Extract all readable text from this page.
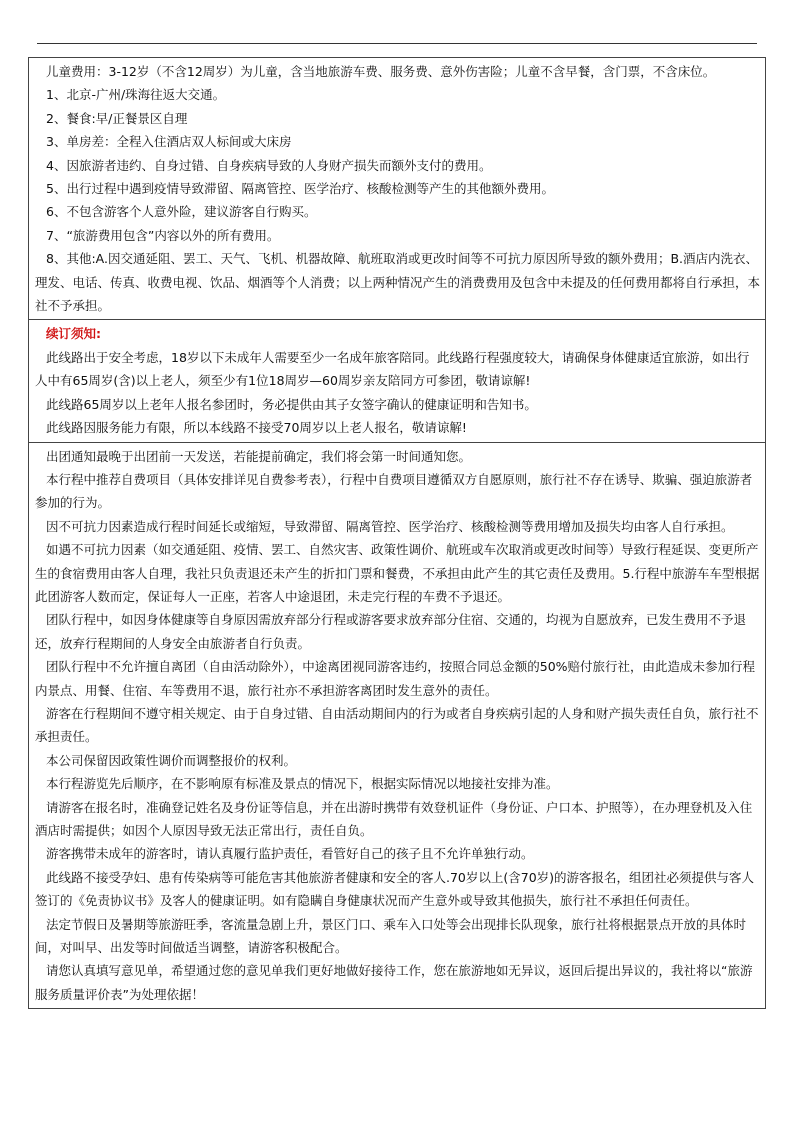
儿童费用：3-12岁（不含12周岁）为儿童，含当地旅游车费、服务费、意外伤害险；儿童不含早餐，含门票，不含床位。

1、北京-广州/珠海往返大交通。

2、餐食:早/正餐景区自理

3、单房差：全程入住酒店双人标间或大床房

4、因旅游者违约、自身过错、自身疾病导致的人身财产损失而额外支付的费用。

5、出行过程中遇到疫情导致滞留、隔离管控、医学治疗、核酸检测等产生的其他额外费用。

6、不包含游客个人意外险，建议游客自行购买。

7、“旅游费用包含”内容以外的所有费用。

8、其他:A.因交通延阻、罢工、天气、飞机、机器故障、航班取消或更改时间等不可抗力原因所导致的额外费用；B.酒店内洗衣、理发、电话、传真、收费电视、饮品、烟酒等个人消费；以上两种情况产生的消费费用及包含中未提及的任何费用都将自行承担，本社不予承担。

续订须知:

此线路出于安全考虑，18岁以下未成年人需要至少一名成年旅客陪同。此线路行程强度较大，请确保身体健康适宜旅游，如出行人中有65周岁(含)以上老人，须至少有1位18周岁—60周岁亲友陪同方可参团，敬请谅解!

此线路65周岁以上老年人报名参团时，务必提供由其子女签字确认的健康证明和告知书。

此线路因服务能力有限，所以本线路不接受70周岁以上老人报名，敬请谅解!

出团通知最晚于出团前一天发送，若能提前确定，我们将会第一时间通知您。

本行程中推荐自费项目（具体安排详见自费参考表），行程中自费项目遵循双方自愿原则，旅行社不存在诱导、欺骗、强迫旅游者参加的行为。

因不可抗力因素造成行程时间延长或缩短，导致滞留、隔离管控、医学治疗、核酸检测等费用增加及损失均由客人自行承担。

如遇不可抗力因素（如交通延阻、疫情、罢工、自然灾害、政策性调价、航班或车次取消或更改时间等）导致行程延误、变更所产生的食宿费用由客人自理，我社只负责退还未产生的折扣门票和餐费，不承担由此产生的其它责任及费用。5.行程中旅游车车型根据此团游客人数而定，保证每人一正座，若客人中途退团，未走完行程的车费不予退还。

团队行程中，如因身体健康等自身原因需放弃部分行程或游客要求放弃部分住宿、交通的，均视为自愿放弃，已发生费用不予退还，放弃行程期间的人身安全由旅游者自行负责。

团队行程中不允许擅自离团（自由活动除外），中途离团视同游客违约，按照合同总金额的50%赔付旅行社，由此造成未参加行程内景点、用餐、住宿、车等费用不退，旅行社亦不承担游客离团时发生意外的责任。

游客在行程期间不遵守相关规定、由于自身过错、自由活动期间内的行为或者自身疾病引起的人身和财产损失责任自负，旅行社不承担责任。

本公司保留因政策性调价而调整报价的权利。

本行程游览先后顺序，在不影响原有标准及景点的情况下，根据实际情况以地接社安排为准。

请游客在报名时，准确登记姓名及身份证等信息，并在出游时携带有效登机证件（身份证、户口本、护照等），在办理登机及入住酒店时需提供；如因个人原因导致无法正常出行，责任自负。

游客携带未成年的游客时，请认真履行监护责任，看管好自己的孩子且不允许单独行动。

此线路不接受孕妇、患有传染病等可能危害其他旅游者健康和安全的客人.70岁以上(含70岁)的游客报名，组团社必须提供与客人签订的《免责协议书》及客人的健康证明。如有隐瞒自身健康状况而产生意外或导致其他损失，旅行社不承担任何责任。

法定节假日及暑期等旅游旺季，客流量急剧上升，景区门口、乘车入口处等会出现排长队现象，旅行社将根据景点开放的具体时间，对叫早、出发等时间做适当调整，请游客积极配合。

请您认真填写意见单，希望通过您的意见单我们更好地做好接待工作，您在旅游地如无异议，返回后提出异议的，我社将以“旅游服务质量评价表”为处理依据！
